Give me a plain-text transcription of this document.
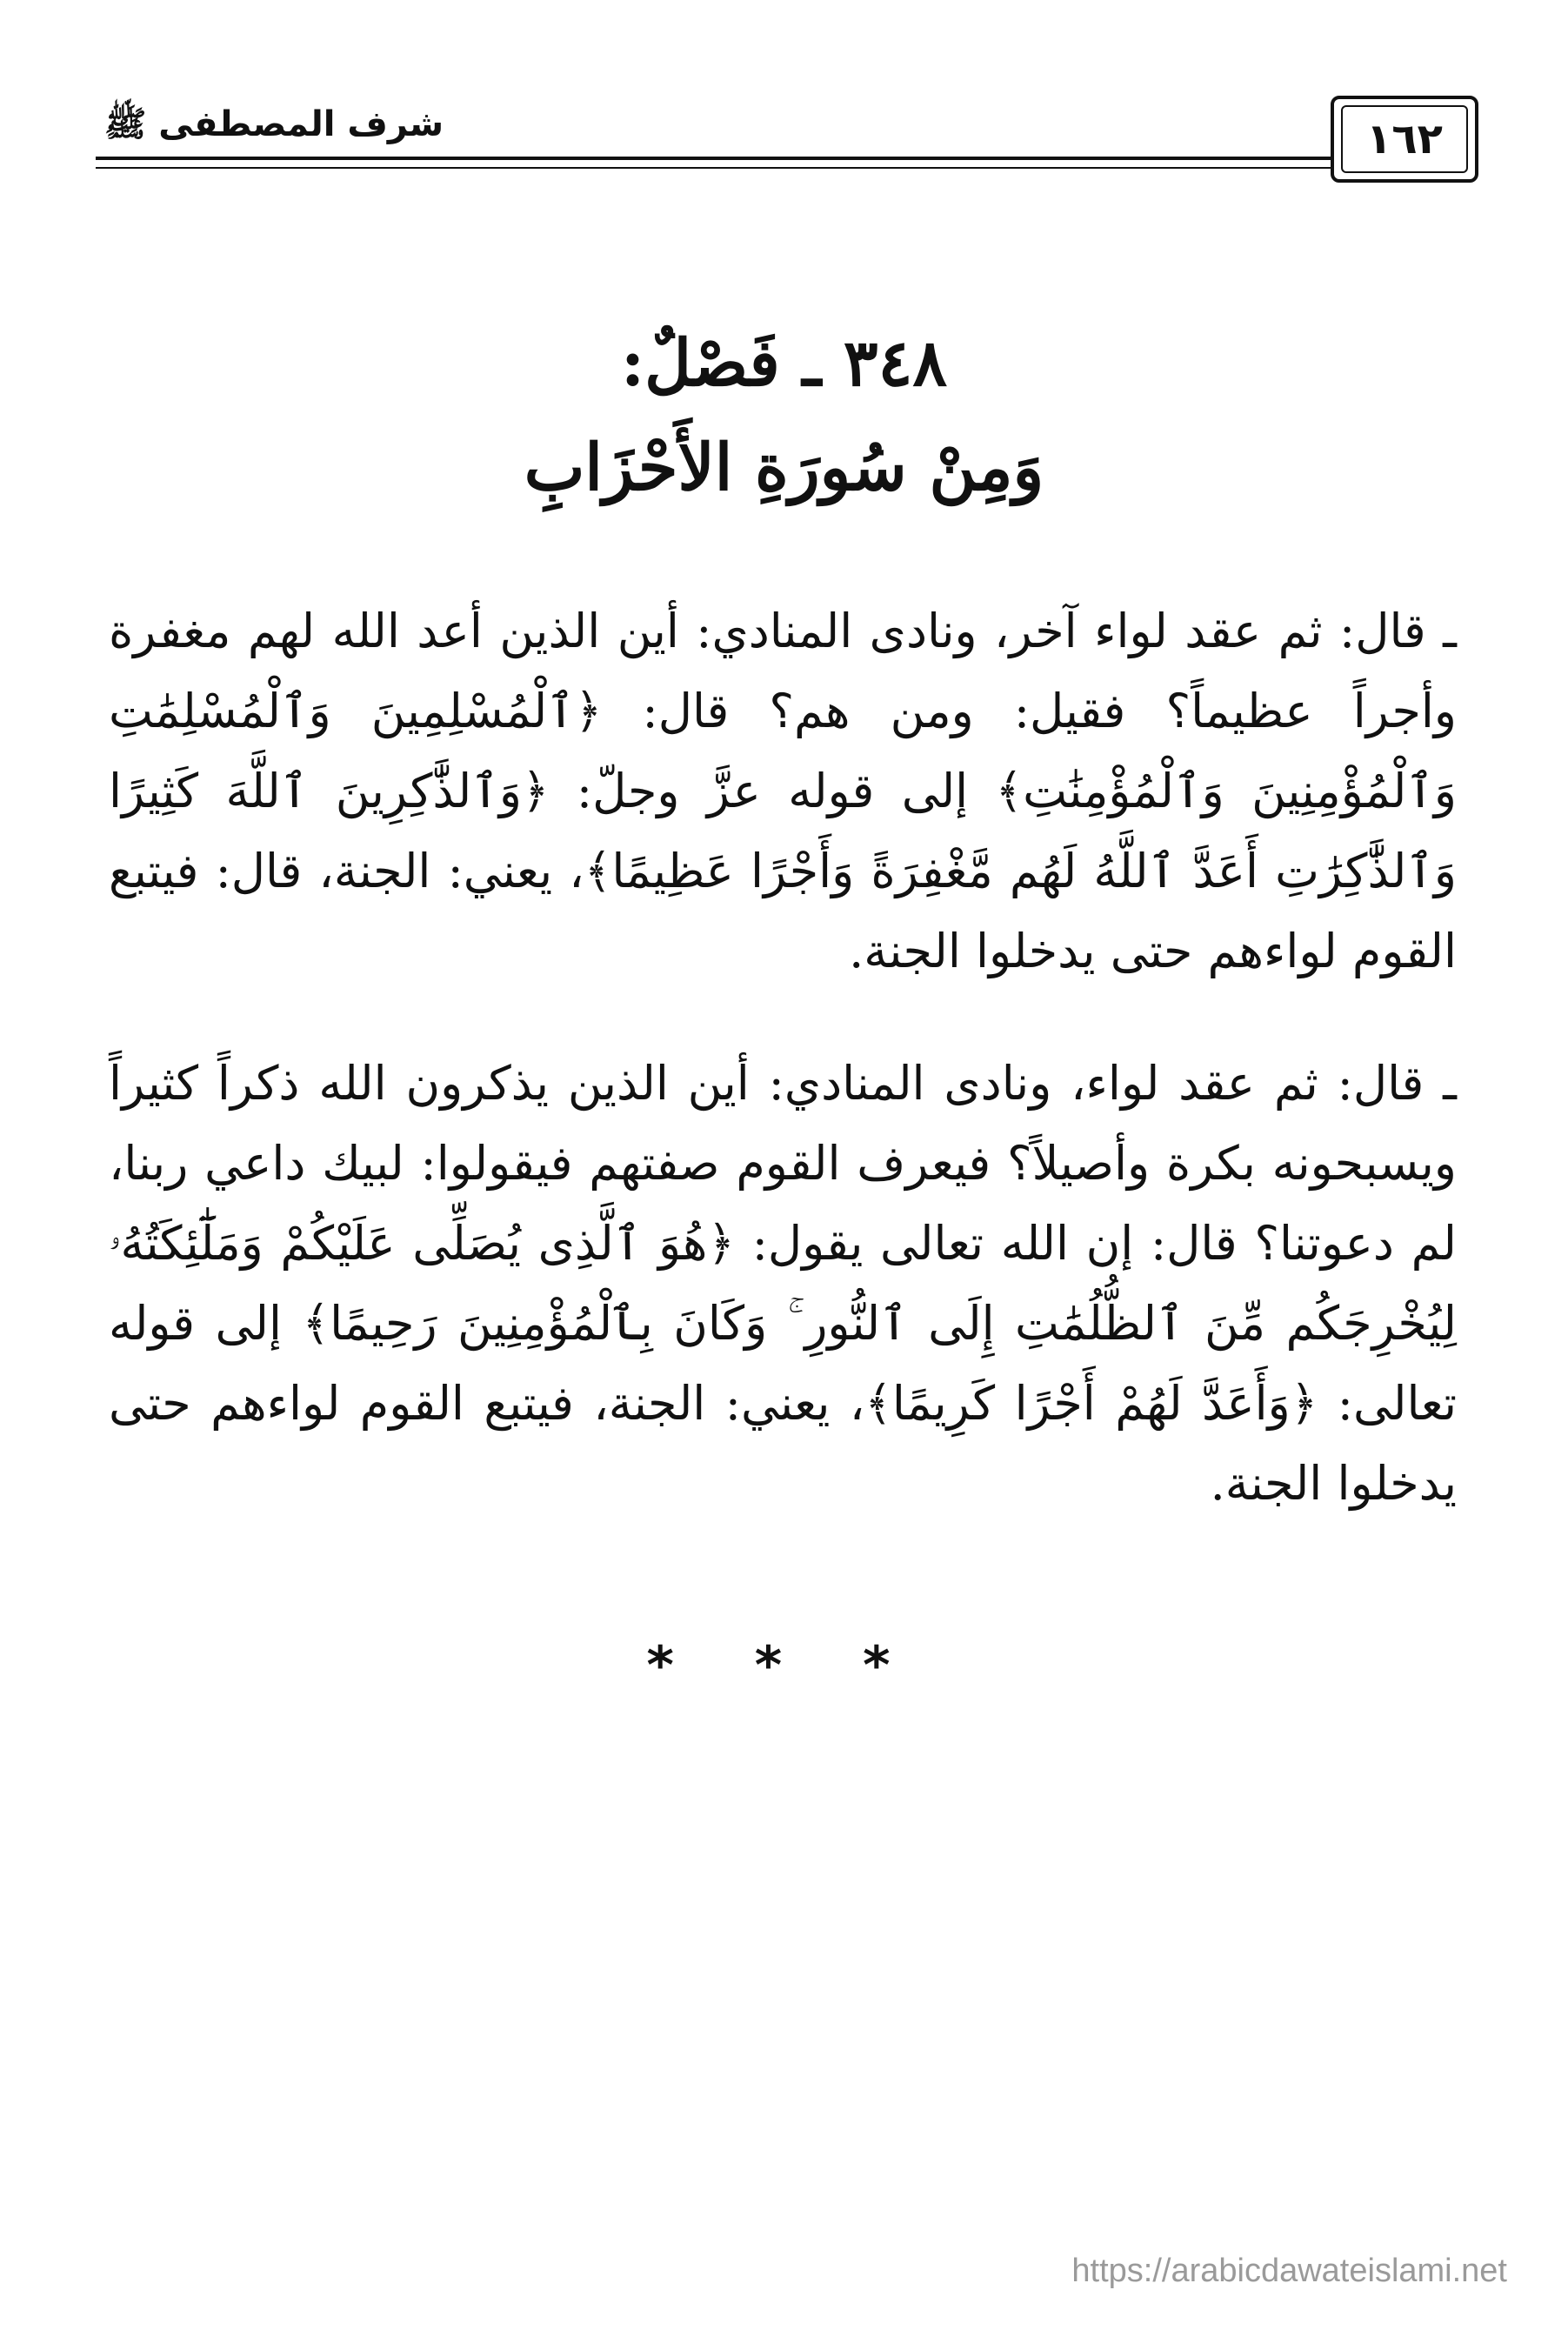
شرف المصطفى ﷺ	١٦٢
٣٤٨ ـ فَصْلٌ:
وَمِنْ سُورَةِ الأَحْزَابِ

ـ قال: ثم عقد لواء آخر، ونادى المنادي: أين الذين أعد الله لهم مغفرة وأجراً عظيماً؟ فقيل: ومن هم؟ قال: ﴿ٱلْمُسْلِمِينَ وَٱلْمُسْلِمَٰتِ وَٱلْمُؤْمِنِينَ وَٱلْمُؤْمِنَٰتِ﴾ إلى قوله عزَّ وجلّ: ﴿وَٱلذَّٰكِرِينَ ٱللَّهَ كَثِيرًا وَٱلذَّٰكِرَٰتِ أَعَدَّ ٱللَّهُ لَهُم مَّغْفِرَةً وَأَجْرًا عَظِيمًا﴾، يعني: الجنة، قال: فيتبع القوم لواءهم حتى يدخلوا الجنة.

ـ قال: ثم عقد لواء، ونادى المنادي: أين الذين يذكرون الله ذكراً كثيراً ويسبحونه بكرة وأصيلاً؟ فيعرف القوم صفتهم فيقولوا: لبيك داعي ربنا، لم دعوتنا؟ قال: إن الله تعالى يقول: ﴿هُوَ ٱلَّذِى يُصَلِّى عَلَيْكُمْ وَمَلَٰٓئِكَتُهُۥ لِيُخْرِجَكُم مِّنَ ٱلظُّلُمَٰتِ إِلَى ٱلنُّورِ ۚ وَكَانَ بِٱلْمُؤْمِنِينَ رَحِيمًا﴾ إلى قوله تعالى: ﴿وَأَعَدَّ لَهُمْ أَجْرًا كَرِيمًا﴾، يعني: الجنة، فيتبع القوم لواءهم حتى يدخلوا الجنة.

* * *
https://arabicdawateislami.net
